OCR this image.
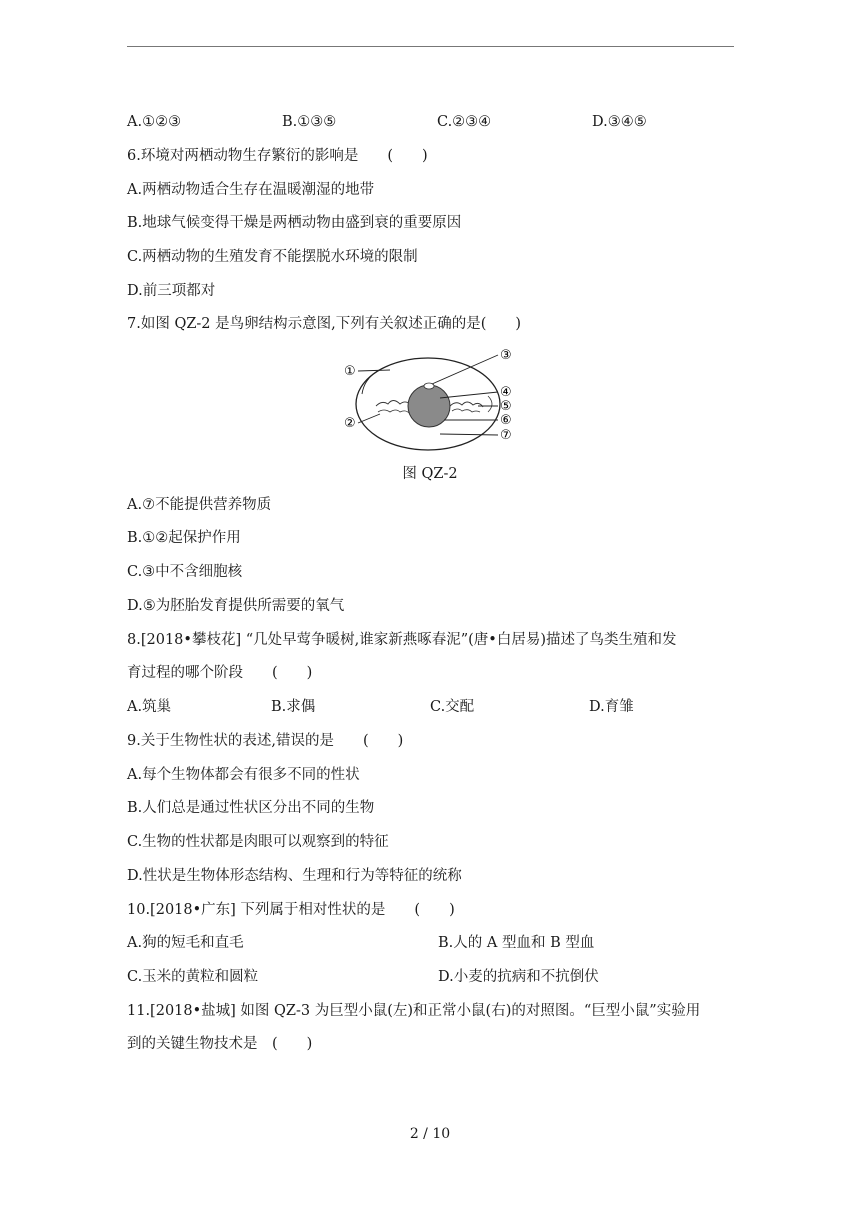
A.①②③	B.①③⑤	C.②③④	D.③④⑤
6.环境对两栖动物生存繁衍的影响是　　(　　)
A.两栖动物适合生存在温暖潮湿的地带
B.地球气候变得干燥是两栖动物由盛到衰的重要原因
C.两栖动物的生殖发育不能摆脱水环境的限制
D.前三项都对
7.如图 QZ-2 是鸟卵结构示意图,下列有关叙述正确的是(　　)
①
②
③
④
⑤
⑥
⑦
图 QZ-2
A.⑦不能提供营养物质
B.①②起保护作用
C.③中不含细胞核
D.⑤为胚胎发育提供所需要的氧气
8.[2018•攀枝花] “几处早莺争暖树,谁家新燕啄春泥”(唐•白居易)描述了鸟类生殖和发
育过程的哪个阶段　　(　　)
A.筑巢	B.求偶	C.交配	D.育雏
9.关于生物性状的表述,错误的是　　(　　)
A.每个生物体都会有很多不同的性状
B.人们总是通过性状区分出不同的生物
C.生物的性状都是肉眼可以观察到的特征
D.性状是生物体形态结构、生理和行为等特征的统称
10.[2018•广东] 下列属于相对性状的是　　(　　)
A.狗的短毛和直毛	B.人的 A 型血和 B 型血
C.玉米的黄粒和圆粒	D.小麦的抗病和不抗倒伏
11.[2018•盐城] 如图 QZ-3 为巨型小鼠(左)和正常小鼠(右)的对照图。“巨型小鼠”实验用
到的关键生物技术是　(　　)
2 / 10
